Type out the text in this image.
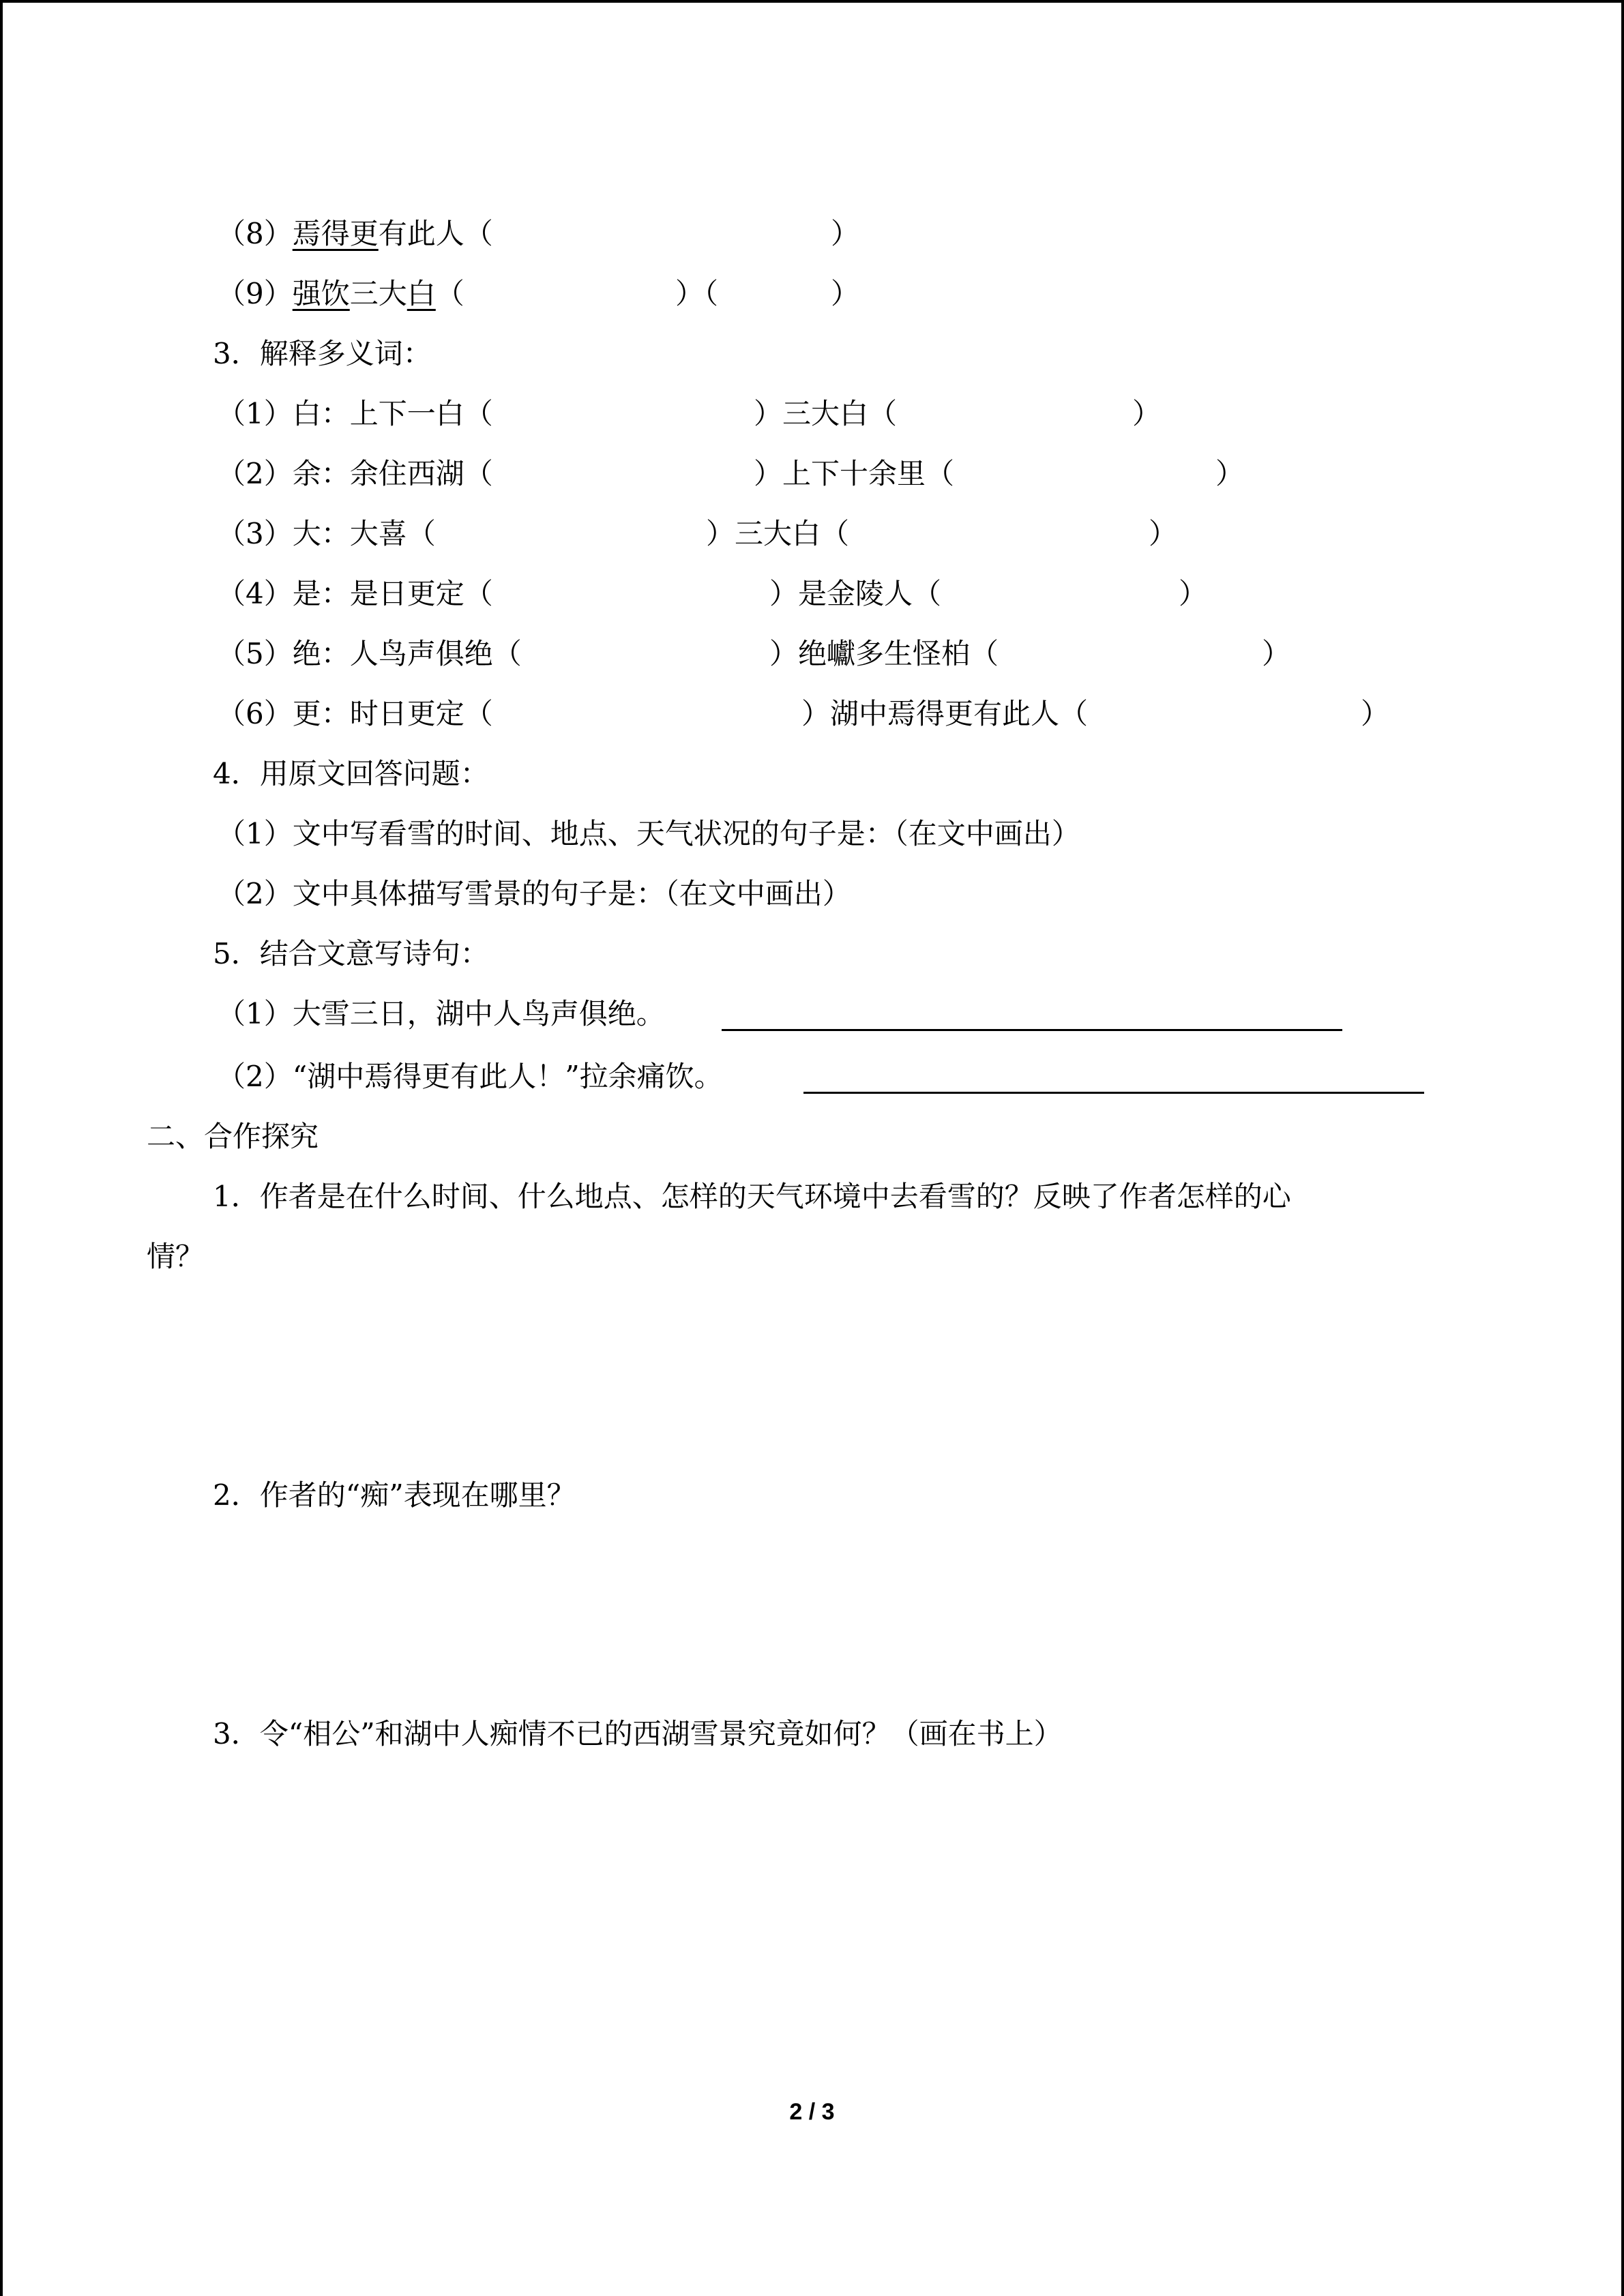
（8）焉得更有此人（	）
（9）强饮三大白（	）（	）
3．解释多义词：
（1）白：上下一白（	）三大白（	）
（2）余：余住西湖（	）上下十余里（	）
（3）大：大喜（	）三大白（	）
（4）是：是日更定（	）是金陵人（	）
（5）绝：人鸟声俱绝（	）绝巘多生怪柏（	）
（6）更：时日更定（	）湖中焉得更有此人（	）
4．用原文回答问题：
（1）文中写看雪的时间、地点、天气状况的句子是：（在文中画出）
（2）文中具体描写雪景的句子是：（在文中画出）
5．结合文意写诗句：
（1）大雪三日，湖中人鸟声俱绝。
（2）“湖中焉得更有此人！”拉余痛饮。
二、合作探究
1．作者是在什么时间、什么地点、怎样的天气环境中去看雪的？反映了作者怎样的心
情？
2．作者的“痴”表现在哪里？
3．令“相公”和湖中人痴情不已的西湖雪景究竟如何？（画在书上）
2 / 3
